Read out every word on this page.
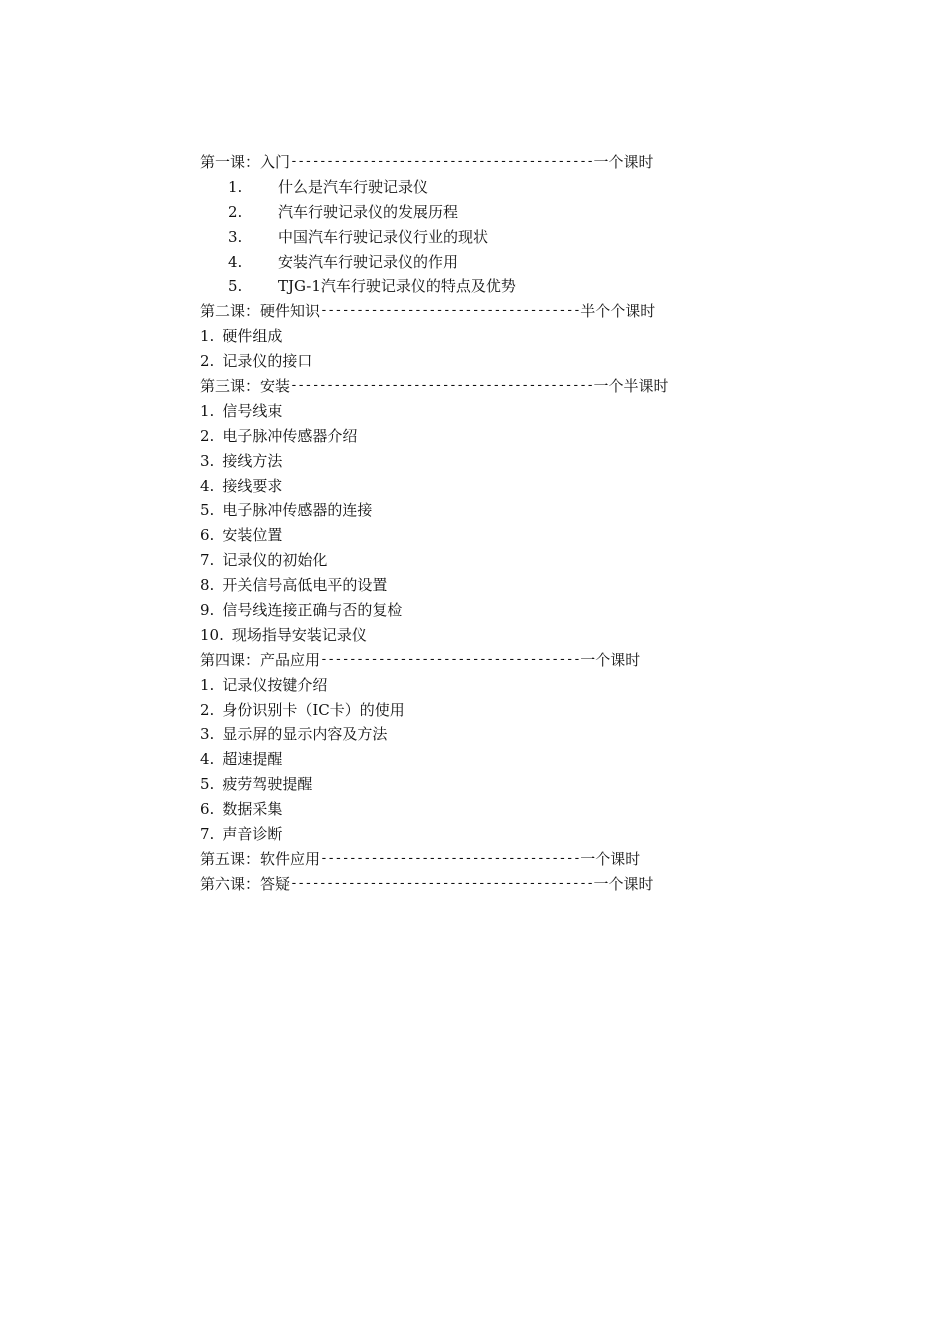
第一课：入门 ------------------------------------------ 一个课时
1.	什么是汽车行驶记录仪
2.	汽车行驶记录仪的发展历程
3.	中国汽车行驶记录仪行业的现状
4.	安装汽车行驶记录仪的作用
5.	TJG-1汽车行驶记录仪的特点及优势
第二课：硬件知识 ------------------------------------ 半个个课时
1. 硬件组成
2. 记录仪的接口
第三课：安装 ------------------------------------------ 一个半课时
1. 信号线束
2. 电子脉冲传感器介绍
3. 接线方法
4. 接线要求
5. 电子脉冲传感器的连接
6. 安装位置
7. 记录仪的初始化
8. 开关信号高低电平的设置
9. 信号线连接正确与否的复检
10. 现场指导安装记录仪
第四课：产品应用 ------------------------------------ 一个课时
1. 记录仪按键介绍
2. 身份识别卡（IC卡）的使用
3. 显示屏的显示内容及方法
4. 超速提醒
5. 疲劳驾驶提醒
6. 数据采集
7. 声音诊断
第五课：软件应用 ------------------------------------ 一个课时
第六课：答疑 ------------------------------------------ 一个课时
